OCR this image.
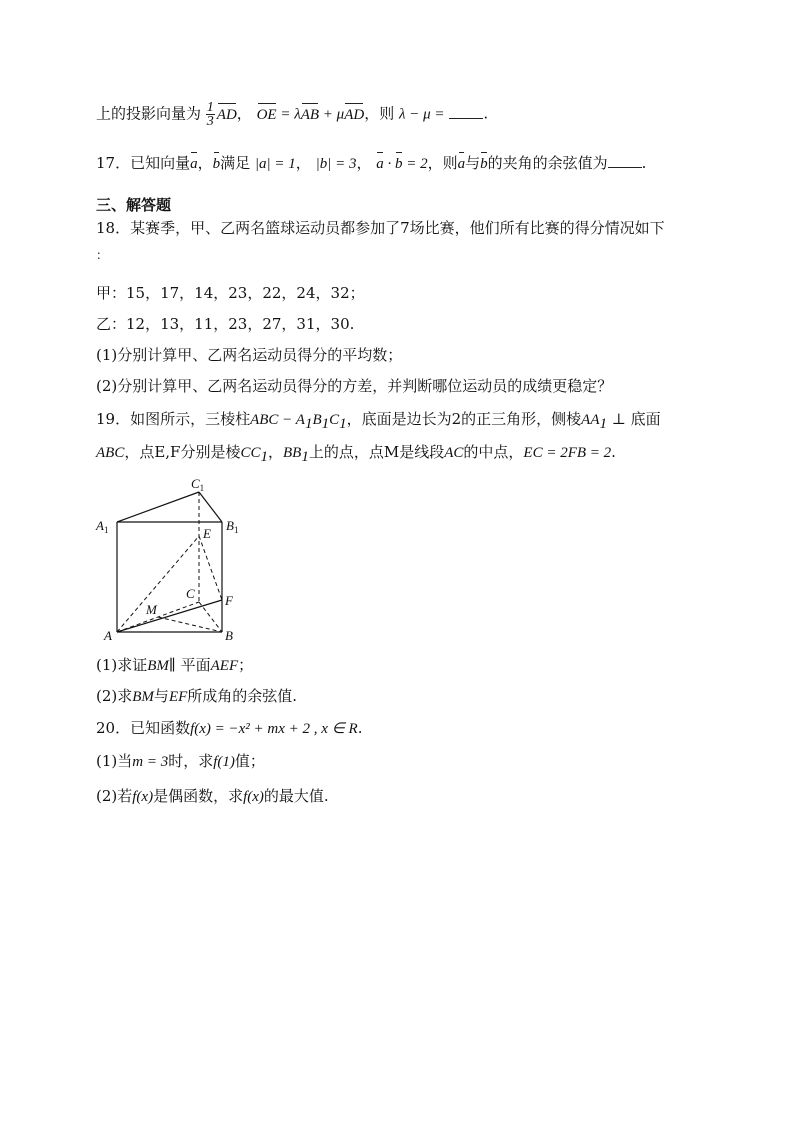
上的投影向量为 $\frac{1}{3}$ AD， OE = λAB + μAD，则 λ − μ =	.
17．已知向量a，b满足 |a| = 1， |b| = 3， a · b = 2，则a与b的夹角的余弦值为 .
三、解答题
18．某赛季，甲、乙两名篮球运动员都参加了7场比赛，他们所有比赛的得分情况如下
：
甲：15，17，14，23，22，24，32；
乙：12，13，11，23，27，31，30.
(1)分别计算甲、乙两名运动员得分的平均数；
(2)分别计算甲、乙两名运动员得分的方差，并判断哪位运动员的成绩更稳定？
19．如图所示，三棱柱ABC − $A_1B_1C_1$，底面是边长为2的正三角形，侧棱$AA_1$ ⊥ 底面
ABC，点E,F分别是棱$CC_1$，$BB_1$上的点，点M是线段AC的中点，EC = 2FB = 2.
$C_1$
$A_1$	$B_1$
E
C F
M
A	B
(1)求证BM∥ 平面AEF；
(2)求BM与EF所成角的余弦值.
20．已知函数f(x) = −x² + mx + 2 , x ∈ R.
(1)当m = 3时，求f(1)值；
(2)若f(x)是偶函数，求f(x)的最大值.
